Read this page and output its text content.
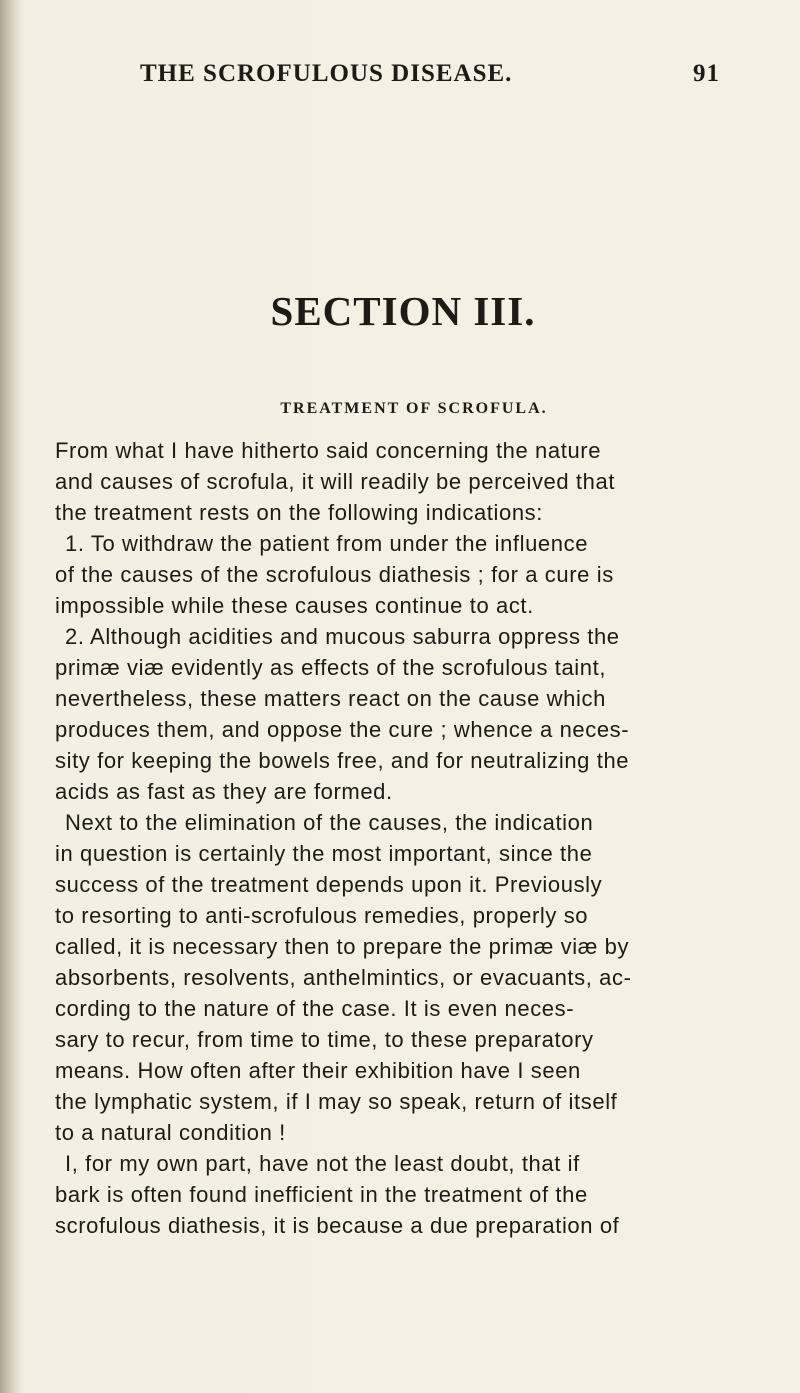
THE SCROFULOUS DISEASE.	91
SECTION III.
TREATMENT OF SCROFULA.
From what I have hitherto said concerning the nature
and causes of scrofula, it will readily be perceived that
the treatment rests on the following indications:
1. To withdraw the patient from under the influence
of the causes of the scrofulous diathesis ; for a cure is
impossible while these causes continue to act.
2. Although acidities and mucous saburra oppress the
primæ viæ evidently as effects of the scrofulous taint,
nevertheless, these matters react on the cause which
produces them, and oppose the cure ; whence a neces-
sity for keeping the bowels free, and for neutralizing the
acids as fast as they are formed.
Next to the elimination of the causes, the indication
in question is certainly the most important, since the
success of the treatment depends upon it. Previously
to resorting to anti-scrofulous remedies, properly so
called, it is necessary then to prepare the primæ viæ by
absorbents, resolvents, anthelmintics, or evacuants, ac-
cording to the nature of the case. It is even neces-
sary to recur, from time to time, to these preparatory
means. How often after their exhibition have I seen
the lymphatic system, if I may so speak, return of itself
to a natural condition !
I, for my own part, have not the least doubt, that if
bark is often found inefficient in the treatment of the
scrofulous diathesis, it is because a due preparation of
